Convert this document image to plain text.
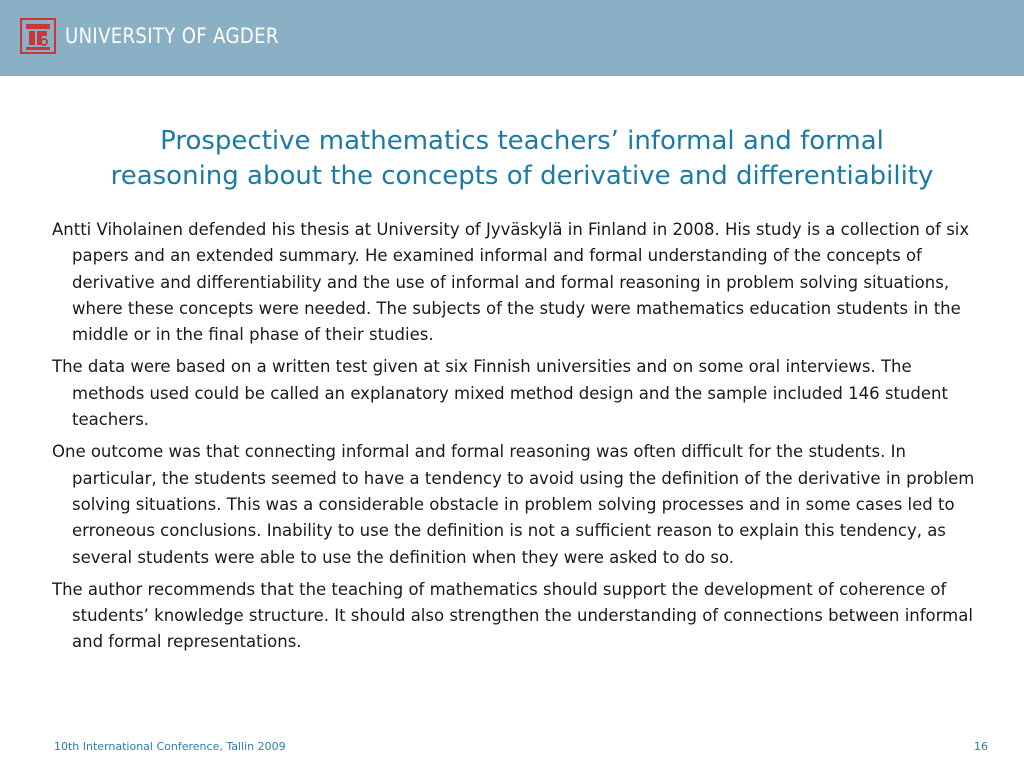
UNIVERSITY OF AGDER
Prospective mathematics teachers’ informal and formal
reasoning about the concepts of derivative and differentiability

Antti Viholainen defended his thesis at University of Jyväskylä in Finland in 2008. His study is a collection of six papers and an extended summary. He examined informal and formal understanding of the concepts of derivative and differentiability and the use of informal and formal reasoning in problem solving situations, where these concepts were needed. The subjects of the study were mathematics education students in the middle or in the final phase of their studies.

The data were based on a written test given at six Finnish universities and on some oral interviews. The methods used could be called an explanatory mixed method design and the sample included 146 student teachers.

One outcome was that connecting informal and formal reasoning was often difficult for the students. In particular, the students seemed to have a tendency to avoid using the definition of the derivative in problem solving situations. This was a considerable obstacle in problem solving processes and in some cases led to erroneous conclusions. Inability to use the definition is not a sufficient reason to explain this tendency, as several students were able to use the definition when they were asked to do so.

The author recommends that the teaching of mathematics should support the development of coherence of students’ knowledge structure. It should also strengthen the understanding of connections between informal and formal representations.

10th International Conference, Tallin 2009	16
